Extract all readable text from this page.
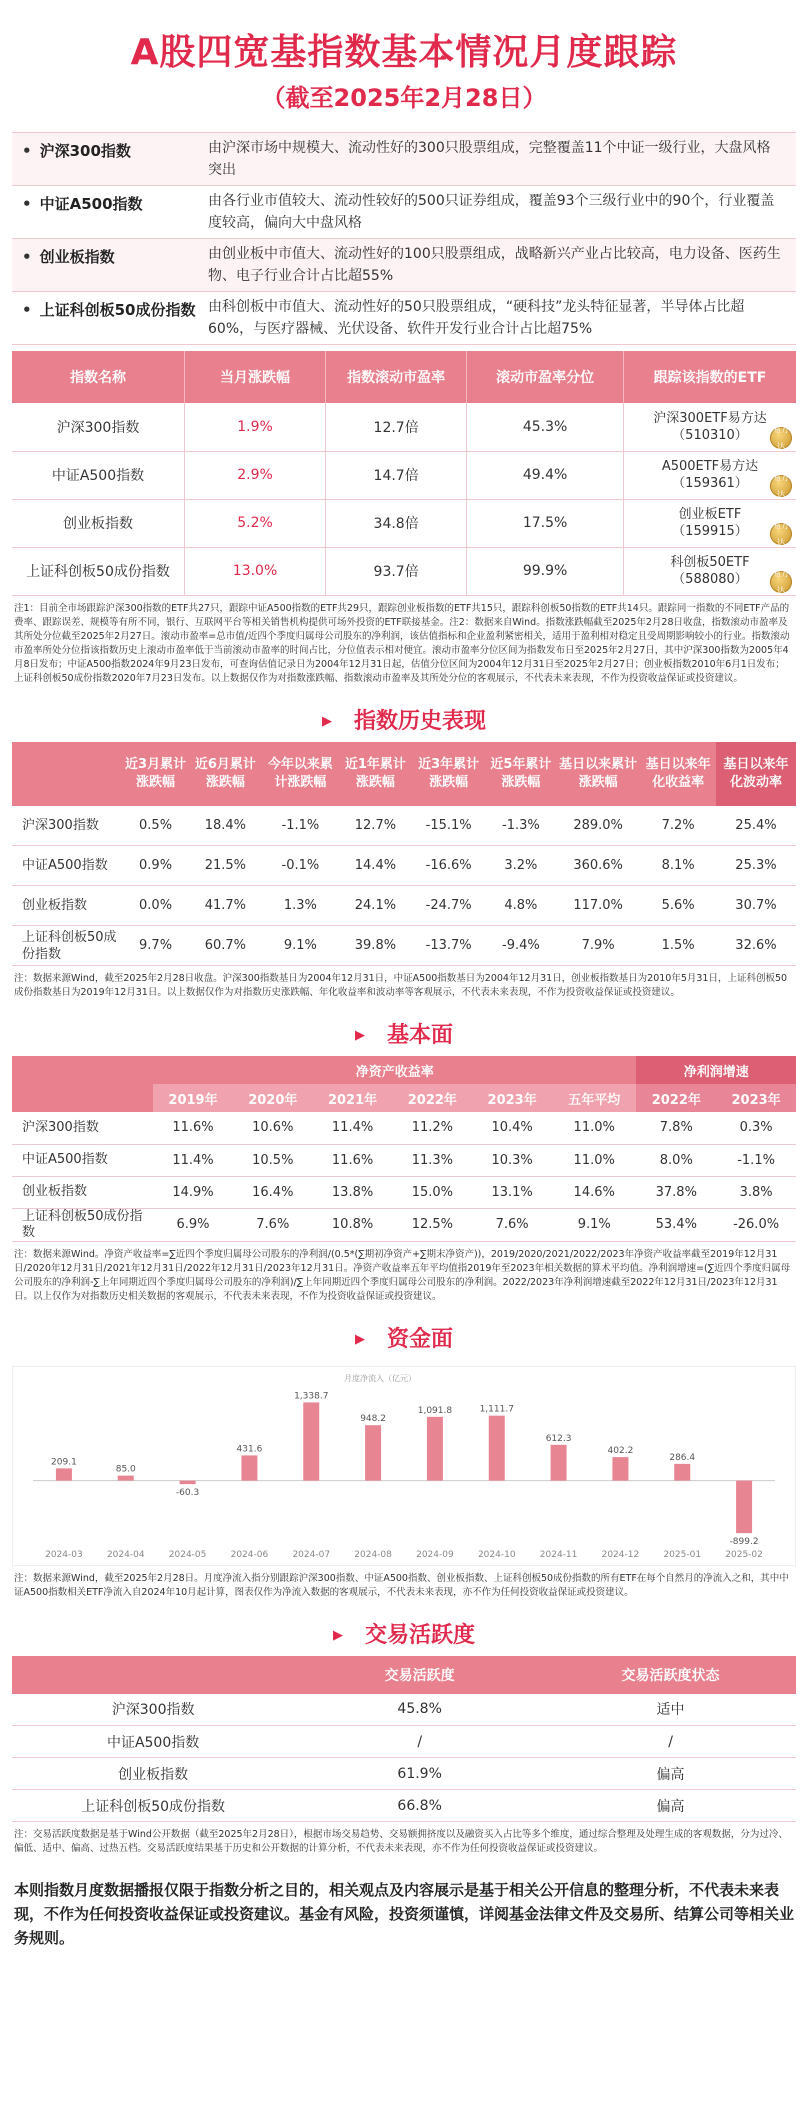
A股四宽基指数基本情况月度跟踪
（截至2025年2月28日）
• 沪深300指数	由沪深市场中规模大、流动性好的300只股票组成，完整覆盖11个中证一级行业，大盘风格突出
• 中证A500指数	由各行业市值较大、流动性较好的500只证券组成，覆盖93个三级行业中的90个，行业覆盖度较高，偏向大中盘风格
• 创业板指数	由创业板中市值大、流动性好的100只股票组成，战略新兴产业占比较高，电力设备、医药生物、电子行业合计占比超55%
• 上证科创板50成份指数 由科创板中市值大、流动性好的50只股票组成，“硬科技”龙头特征显著，半导体占比超60%，与医疗器械、光伏设备、软件开发行业合计占比超75%
指数名称	当月涨跌幅	指数滚动市盈率	滚动市盈率分位	跟踪该指数的ETF
沪深300指数	1.9%	12.7倍	45.3%	沪深300ETF易方达
（510310） 易方达

中证A500指数	2.9%	14.7倍	49.4%	A500ETF易方达
（159361） 易方达

创业板指数	5.2%	34.8倍	17.5%	创业板ETF
（159915） 易方达

上证科创板50成份指数	13.0%	93.7倍	99.9%	科创板50ETF
（588080） 易方达
注1：目前全市场跟踪沪深300指数的ETF共27只，跟踪中证A500指数的ETF共29只，跟踪创业板指数的ETF共15只，跟踪科创板50指数的ETF共14只。跟踪同一指数的不同ETF产品的费率、跟踪误差、规模等有所不同，银行、互联网平台等相关销售机构提供可场外投资的ETF联接基金。注2：数据来自Wind。指数涨跌幅截至2025年2月28日收盘，指数滚动市盈率及其所处分位截至2025年2月27日。滚动市盈率=总市值/近四个季度归属母公司股东的净利润，该估值指标和企业盈利紧密相关，适用于盈利相对稳定且受周期影响较小的行业。指数滚动市盈率所处分位指该指数历史上滚动市盈率低于当前滚动市盈率的时间占比，分位值表示相对便宜。滚动市盈率分位区间为指数发布日至2025年2月27日，其中沪深300指数为2005年4月8日发布；中证A500指数2024年9月23日发布，可查询估值记录日为2004年12月31日起，估值分位区间为2004年12月31日至2025年2月27日；创业板指数2010年6月1日发布；上证科创板50成份指数2020年7月23日发布。以上数据仅作为对指数涨跌幅、指数滚动市盈率及其所处分位的客观展示，不代表未来表现，不作为投资收益保证或投资建议。
▶ 指数历史表现
	近3月累计涨跌幅	近6月累计涨跌幅	今年以来累计涨跌幅	近1年累计涨跌幅	近3年累计涨跌幅	近5年累计涨跌幅	基日以来累计涨跌幅	基日以来年化收益率	基日以来年化波动率
沪深300指数	0.5%	18.4%	-1.1%	12.7%	-15.1%	-1.3%	289.0%	7.2%	25.4%
中证A500指数	0.9%	21.5%	-0.1%	14.4%	-16.6%	3.2%	360.6%	8.1%	25.3%
创业板指数	0.0%	41.7%	1.3%	24.1%	-24.7%	4.8%	117.0%	5.6%	30.7%
上证科创板50成份指数	9.7%	60.7%	9.1%	39.8%	-13.7%	-9.4%	7.9%	1.5%	32.6%
注：数据来源Wind，截至2025年2月28日收盘。沪深300指数基日为2004年12月31日，中证A500指数基日为2004年12月31日，创业板指数基日为2010年5月31日，上证科创板50成份指数基日为2019年12月31日。以上数据仅作为对指数历史涨跌幅、年化收益率和波动率等客观展示，不代表未来表现，不作为投资收益保证或投资建议。
▶ 基本面
	净资产收益率						净利润增速	
	2019年	2020年	2021年	2022年	2023年	五年平均	2022年	2023年
沪深300指数	11.6%	10.6%	11.4%	11.2%	10.4%	11.0%	7.8%	0.3%
中证A500指数	11.4%	10.5%	11.6%	11.3%	10.3%	11.0%	8.0%	-1.1%
创业板指数	14.9%	16.4%	13.8%	15.0%	13.1%	14.6%	37.8%	3.8%
上证科创板50成份指数	6.9%	7.6%	10.8%	12.5%	7.6%	9.1%	53.4%	-26.0%
注：数据来源Wind。净资产收益率=∑近四个季度归属母公司股东的净利润/(0.5*(∑期初净资产+∑期末净资产))，2019/2020/2021/2022/2023年净资产收益率截至2019年12月31日/2020年12月31日/2021年12月31日/2022年12月31日/2023年12月31日。净资产收益率五年平均值指2019年至2023年相关数据的算术平均值。净利润增速=(∑近四个季度归属母公司股东的净利润-∑上年同期近四个季度归属母公司股东的净利润)/∑上年同期近四个季度归属母公司股东的净利润。2022/2023年净利润增速截至2022年12月31日/2023年12月31日。以上仅作为对指数历史相关数据的客观展示，不代表未来表现，不作为投资收益保证或投资建议。
▶ 资金面
月度净流入（亿元）
209.1
2024-03
85.0
2024-04
-60.3
2024-05
431.6
2024-06
1,338.7
2024-07
948.2
2024-08
1,091.8
2024-09
1,111.7
2024-10
612.3
2024-11
402.2
2024-12
286.4
2025-01
-899.2
2025-02
注：数据来源Wind，截至2025年2月28日。月度净流入指分别跟踪沪深300指数、中证A500指数、创业板指数、上证科创板50成份指数的所有ETF在每个自然月的净流入之和，其中中证A500指数相关ETF净流入自2024年10月起计算，图表仅作为净流入数据的客观展示，不代表未来表现，亦不作为任何投资收益保证或投资建议。
▶ 交易活跃度
	交易活跃度	交易活跃度状态
沪深300指数	45.8%	适中
中证A500指数	/	/
创业板指数	61.9%	偏高
上证科创板50成份指数	66.8%	偏高
注：交易活跃度数据是基于Wind公开数据（截至2025年2月28日），根据市场交易趋势、交易额拥挤度以及融资买入占比等多个维度，通过综合整理及处理生成的客观数据，分为过冷、偏低、适中、偏高、过热五档。交易活跃度结果基于历史和公开数据的计算分析，不代表未来表现，亦不作为任何投资收益保证或投资建议。
本则指数月度数据播报仅限于指数分析之目的，相关观点及内容展示是基于相关公开信息的整理分析，不代表未来表现，不作为任何投资收益保证或投资建议。基金有风险，投资须谨慎，详阅基金法律文件及交易所、结算公司等相关业务规则。
